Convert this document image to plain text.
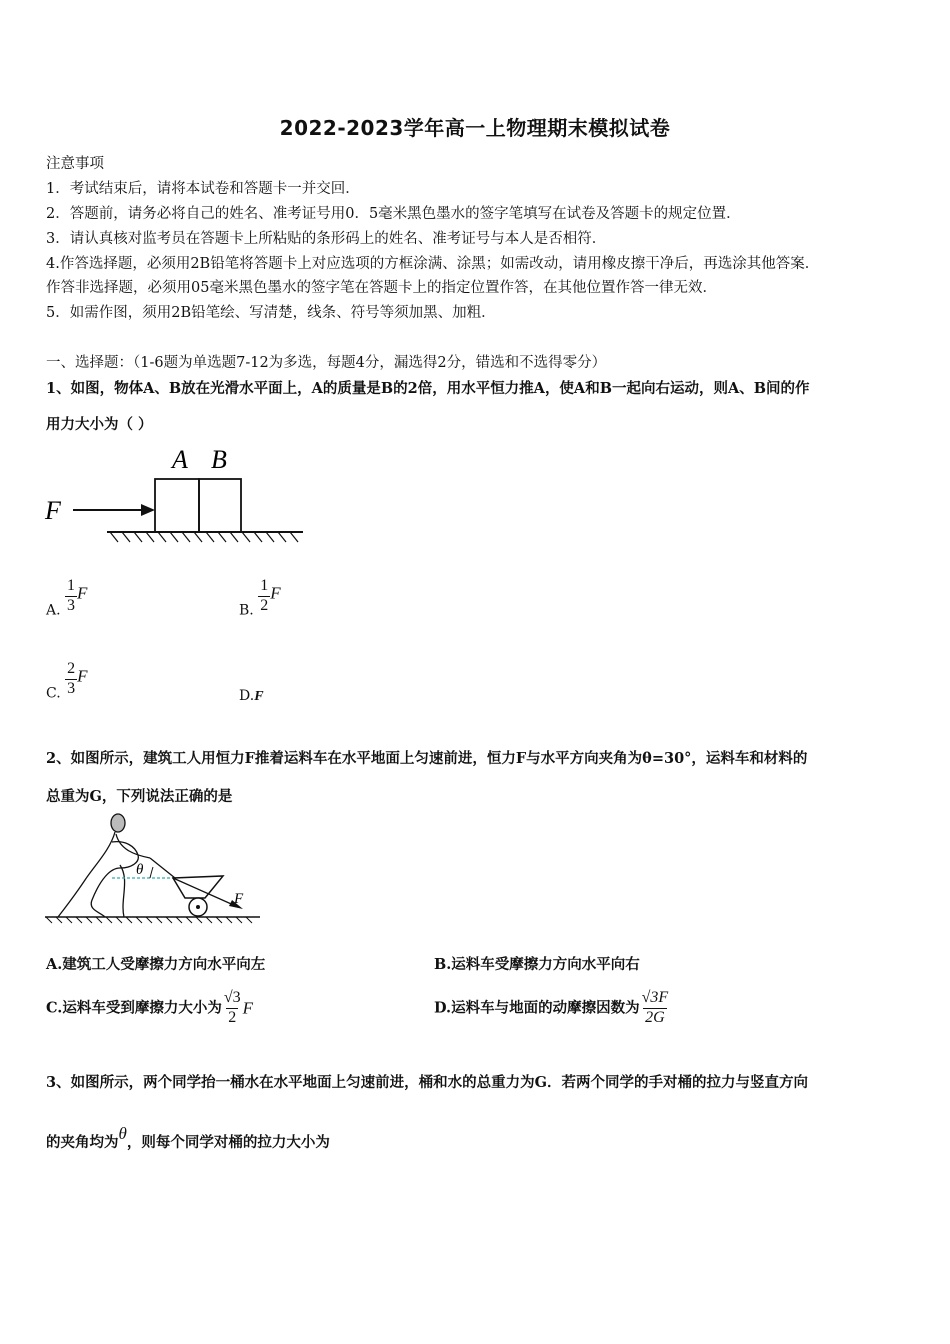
2022-2023学年高一上物理期末模拟试卷
注意事项
1．考试结束后，请将本试卷和答题卡一并交回．
2．答题前，请务必将自己的姓名、准考证号用0．5毫米黑色墨水的签字笔填写在试卷及答题卡的规定位置．
3．请认真核对监考员在答题卡上所粘贴的条形码上的姓名、准考证号与本人是否相符．
4.作答选择题，必须用2B铅笔将答题卡上对应选项的方框涂满、涂黑；如需改动，请用橡皮擦干净后，再选涂其他答案．
作答非选择题，必须用05毫米黑色墨水的签字笔在答题卡上的指定位置作答，在其他位置作答一律无效．
5．如需作图，须用2B铅笔绘、写清楚，线条、符号等须加黑、加粗．
一、选择题：（1-6题为单选题7-12为多选，每题4分，漏选得2分，错选和不选得零分）
1、如图，物体A、B放在光滑水平面上，A的质量是B的2倍，用水平恒力推A，使A和B一起向右运动，则A、B间的作
用力大小为（ ）
A B
F
A. $\frac{1}{3}$ F
B. $\frac{1}{2}$ F
C. $\frac{2}{3}$ F
D.F
2、如图所示，建筑工人用恒力F推着运料车在水平地面上匀速前进，恒力F与水平方向夹角为θ=30°，运料车和材料的
总重为G，下列说法正确的是
θ
F
A.建筑工人受摩擦力方向水平向左	B.运料车受摩擦力方向水平向右
C.运料车受到摩擦力大小为 $\frac{√3}{2}$ F	D.运料车与地面的动摩擦因数为 $\frac{√3F}{2G}$
3、如图所示，两个同学抬一桶水在水平地面上匀速前进，桶和水的总重力为G．若两个同学的手对桶的拉力与竖直方向
的夹角均为θ，则每个同学对桶的拉力大小为
